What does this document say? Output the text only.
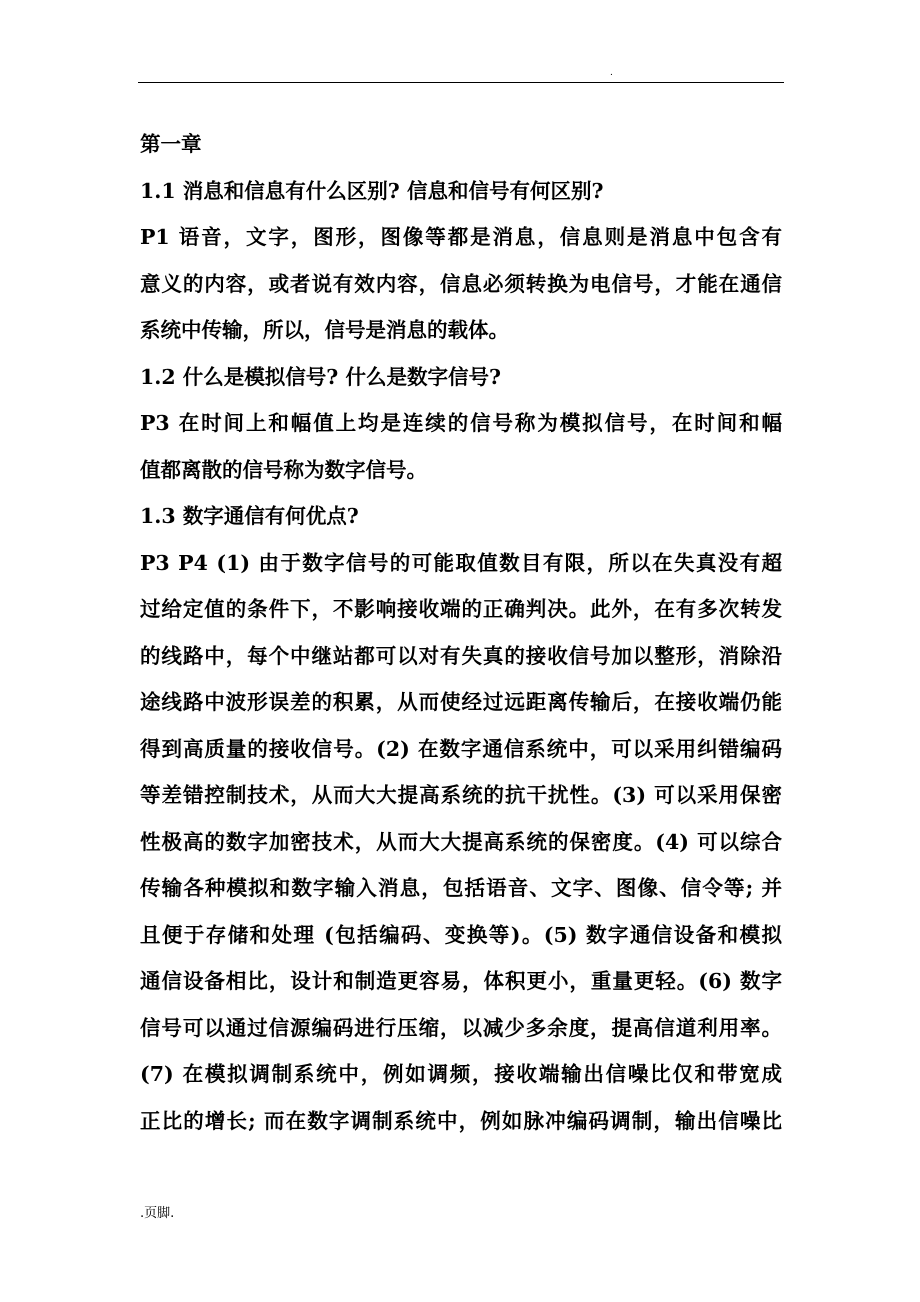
.
第一章
1.1 消息和信息有什么区别? 信息和信号有何区别?
P1 语音，文字，图形，图像等都是消息，信息则是消息中包含有
意义的内容，或者说有效内容，信息必须转换为电信号，才能在通信
系统中传输，所以，信号是消息的载体。
1.2 什么是模拟信号? 什么是数字信号?
P3 在时间上和幅值上均是连续的信号称为模拟信号，在时间和幅
值都离散的信号称为数字信号。
1.3 数字通信有何优点?
P3 P4 (1) 由于数字信号的可能取值数目有限，所以在失真没有超
过给定值的条件下，不影响接收端的正确判决。此外，在有多次转发
的线路中，每个中继站都可以对有失真的接收信号加以整形，消除沿
途线路中波形误差的积累，从而使经过远距离传输后，在接收端仍能
得到高质量的接收信号。(2) 在数字通信系统中，可以采用纠错编码
等差错控制技术，从而大大提高系统的抗干扰性。(3) 可以采用保密
性极高的数字加密技术，从而大大提高系统的保密度。(4) 可以综合
传输各种模拟和数字输入消息，包括语音、文字、图像、信令等; 并
且便于存储和处理 (包括编码、变换等)。(5) 数字通信设备和模拟
通信设备相比，设计和制造更容易，体积更小，重量更轻。(6) 数字
信号可以通过信源编码进行压缩，以减少多余度，提高信道利用率。
(7) 在模拟调制系统中，例如调频，接收端输出信噪比仅和带宽成
正比的增长; 而在数字调制系统中，例如脉冲编码调制，输出信噪比
.页脚.
